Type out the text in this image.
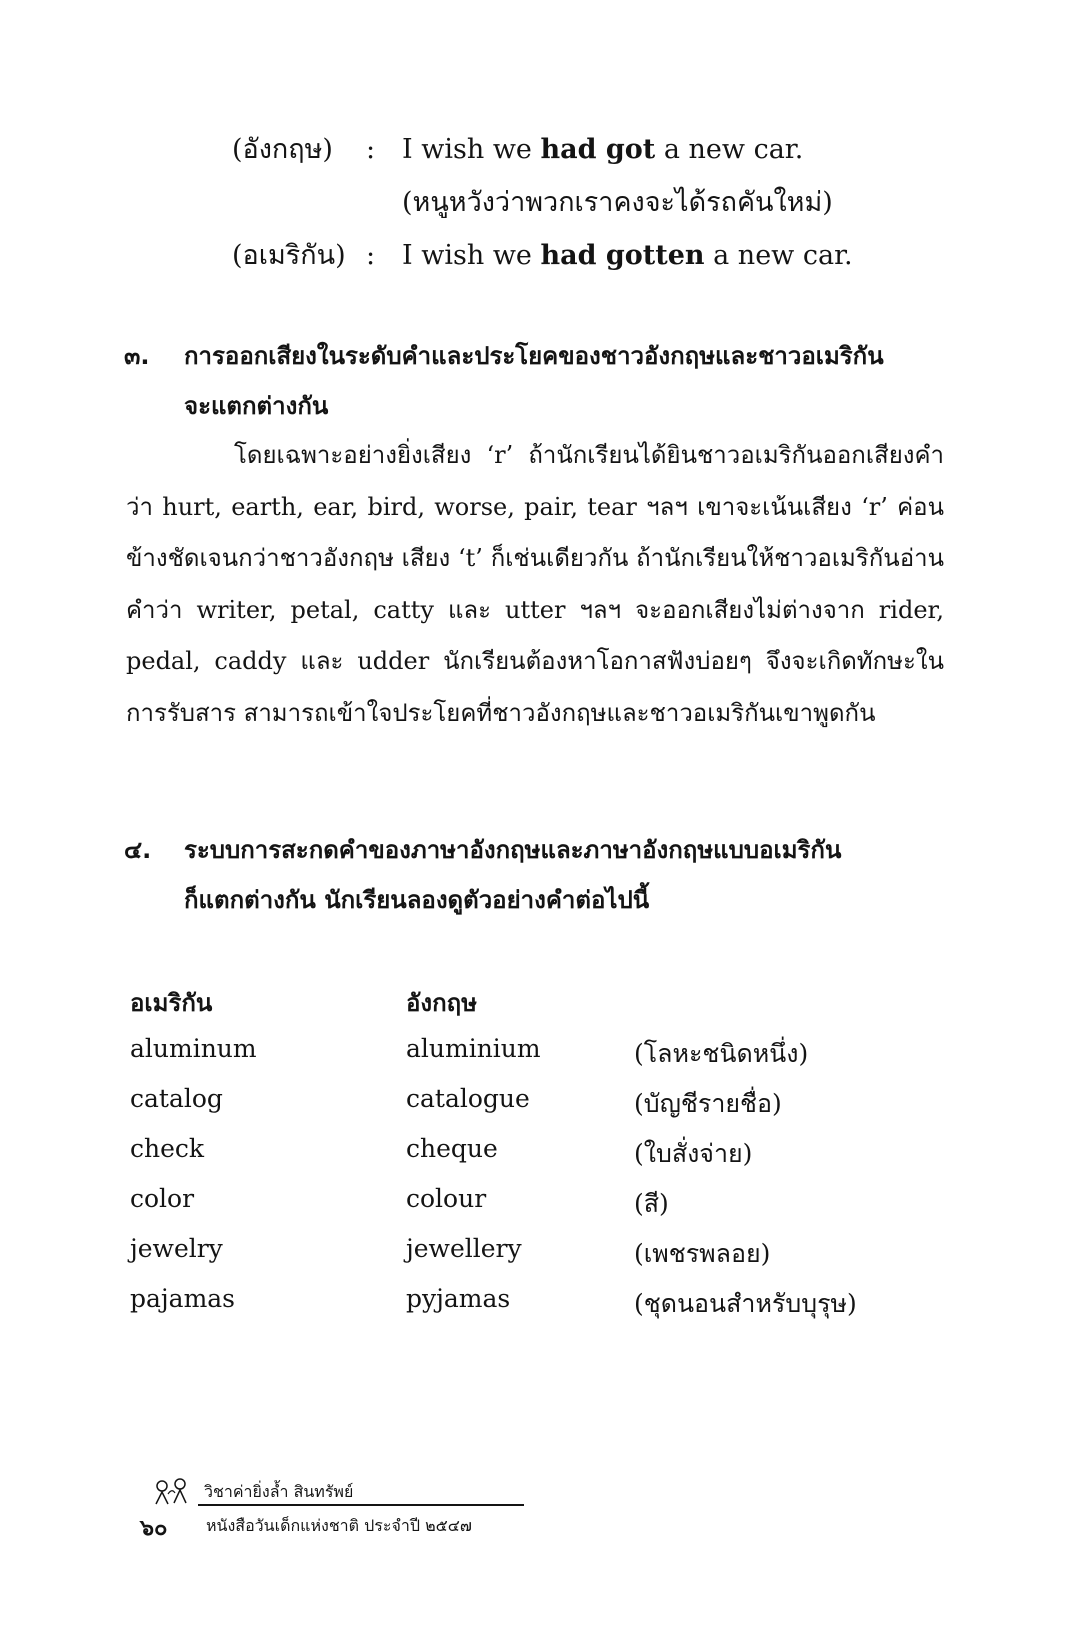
(อังกฤษ) : I wish we had got a new car.
(หนูหวังว่าพวกเราคงจะได้รถคันใหม่)
(อเมริกัน) : I wish we had gotten a new car.
๓. การออกเสียงในระดับคำและประโยคของชาวอังกฤษและชาวอเมริกัน
จะแตกต่างกัน

โดยเฉพาะอย่างยิ่งเสียง ‘r’ ถ้านักเรียนได้ยินชาวอเมริกันออกเสียงคำว่า hurt, earth, ear, bird, worse, pair, tear ฯลฯ เขาจะเน้นเสียง ‘r’ ค่อนข้างชัดเจนกว่าชาวอังกฤษ เสียง ‘t’ ก็เช่นเดียวกัน ถ้านักเรียนให้ชาวอเมริกันอ่านคำว่า writer, petal, catty และ utter ฯลฯ จะออกเสียงไม่ต่างจาก rider, pedal, caddy และ udder นักเรียนต้องหาโอกาสฟังบ่อยๆ จึงจะเกิดทักษะในการรับสาร สามารถเข้าใจประโยคที่ชาวอังกฤษและชาวอเมริกันเขาพูดกัน

๔. ระบบการสะกดคำของภาษาอังกฤษและภาษาอังกฤษแบบอเมริกัน
ก็แตกต่างกัน นักเรียนลองดูตัวอย่างคำต่อไปนี้
อเมริกัน	อังกฤษ
aluminum	aluminium	(โลหะชนิดหนึ่ง)
catalog	catalogue	(บัญชีรายชื่อ)
check	cheque	(ใบสั่งจ่าย)
color	colour	(สี)
jewelry	jewellery	(เพชรพลอย)
pajamas	pyjamas	(ชุดนอนสำหรับบุรุษ)
วิชาค่ายิ่งล้ำ สินทรัพย์
๖๐ หนังสือวันเด็กแห่งชาติ ประจำปี ๒๕๔๗
